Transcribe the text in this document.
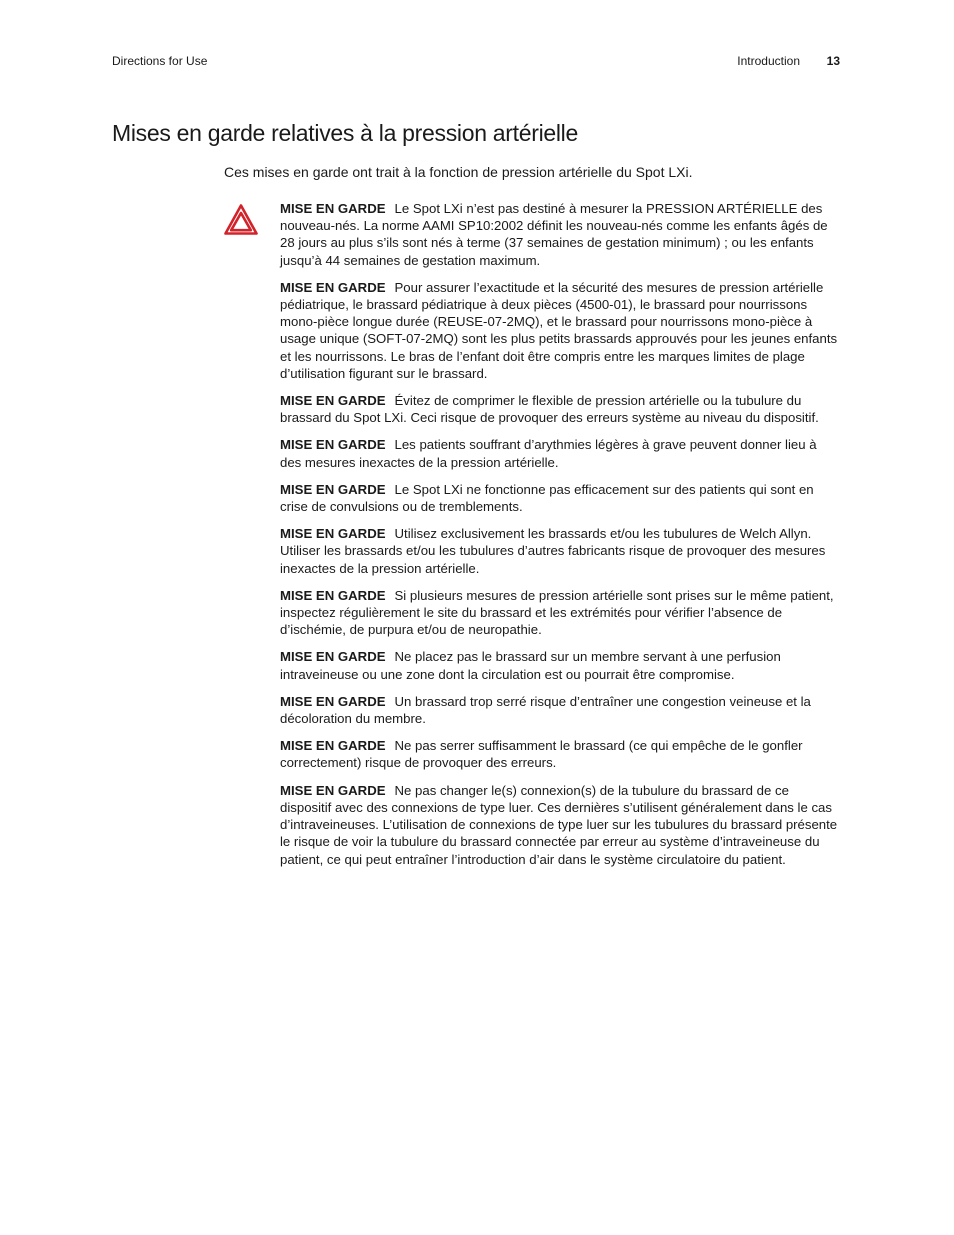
Directions for Use	Introduction 13
Mises en garde relatives à la pression artérielle

Ces mises en garde ont trait à la fonction de pression artérielle du Spot LXi.

MISE EN GARDE Le Spot LXi n’est pas destiné à mesurer la PRESSION ARTÉRIELLE des nouveau-nés. La norme AAMI SP10:2002 définit les nouveau-nés comme les enfants âgés de 28 jours au plus s’ils sont nés à terme (37 semaines de gestation minimum) ; ou les enfants jusqu’à 44 semaines de gestation maximum.

MISE EN GARDE Pour assurer l’exactitude et la sécurité des mesures de pression artérielle pédiatrique, le brassard pédiatrique à deux pièces (4500-01), le brassard pour nourrissons mono-pièce longue durée (REUSE-07-2MQ), et le brassard pour nourrissons mono-pièce à usage unique (SOFT-07-2MQ) sont les plus petits brassards approuvés pour les jeunes enfants et les nourrissons. Le bras de l’enfant doit être compris entre les marques limites de plage d’utilisation figurant sur le brassard.

MISE EN GARDE Évitez de comprimer le flexible de pression artérielle ou la tubulure du brassard du Spot LXi. Ceci risque de provoquer des erreurs système au niveau du dispositif.

MISE EN GARDE Les patients souffrant d’arythmies légères à grave peuvent donner lieu à des mesures inexactes de la pression artérielle.

MISE EN GARDE Le Spot LXi ne fonctionne pas efficacement sur des patients qui sont en crise de convulsions ou de tremblements.

MISE EN GARDE Utilisez exclusivement les brassards et/ou les tubulures de Welch Allyn. Utiliser les brassards et/ou les tubulures d’autres fabricants risque de provoquer des mesures inexactes de la pression artérielle.

MISE EN GARDE Si plusieurs mesures de pression artérielle sont prises sur le même patient, inspectez régulièrement le site du brassard et les extrémités pour vérifier l’absence de d’ischémie, de purpura et/ou de neuropathie.

MISE EN GARDE Ne placez pas le brassard sur un membre servant à une perfusion intraveineuse ou une zone dont la circulation est ou pourrait être compromise.

MISE EN GARDE Un brassard trop serré risque d’entraîner une congestion veineuse et la décoloration du membre.

MISE EN GARDE Ne pas serrer suffisamment le brassard (ce qui empêche de le gonfler correctement) risque de provoquer des erreurs.

MISE EN GARDE Ne pas changer le(s) connexion(s) de la tubulure du brassard de ce dispositif avec des connexions de type luer. Ces dernières s’utilisent généralement dans le cas d’intraveineuses. L’utilisation de connexions de type luer sur les tubulures du brassard présente le risque de voir la tubulure du brassard connectée par erreur au système d’intraveineuse du patient, ce qui peut entraîner l’introduction d’air dans le système circulatoire du patient.
